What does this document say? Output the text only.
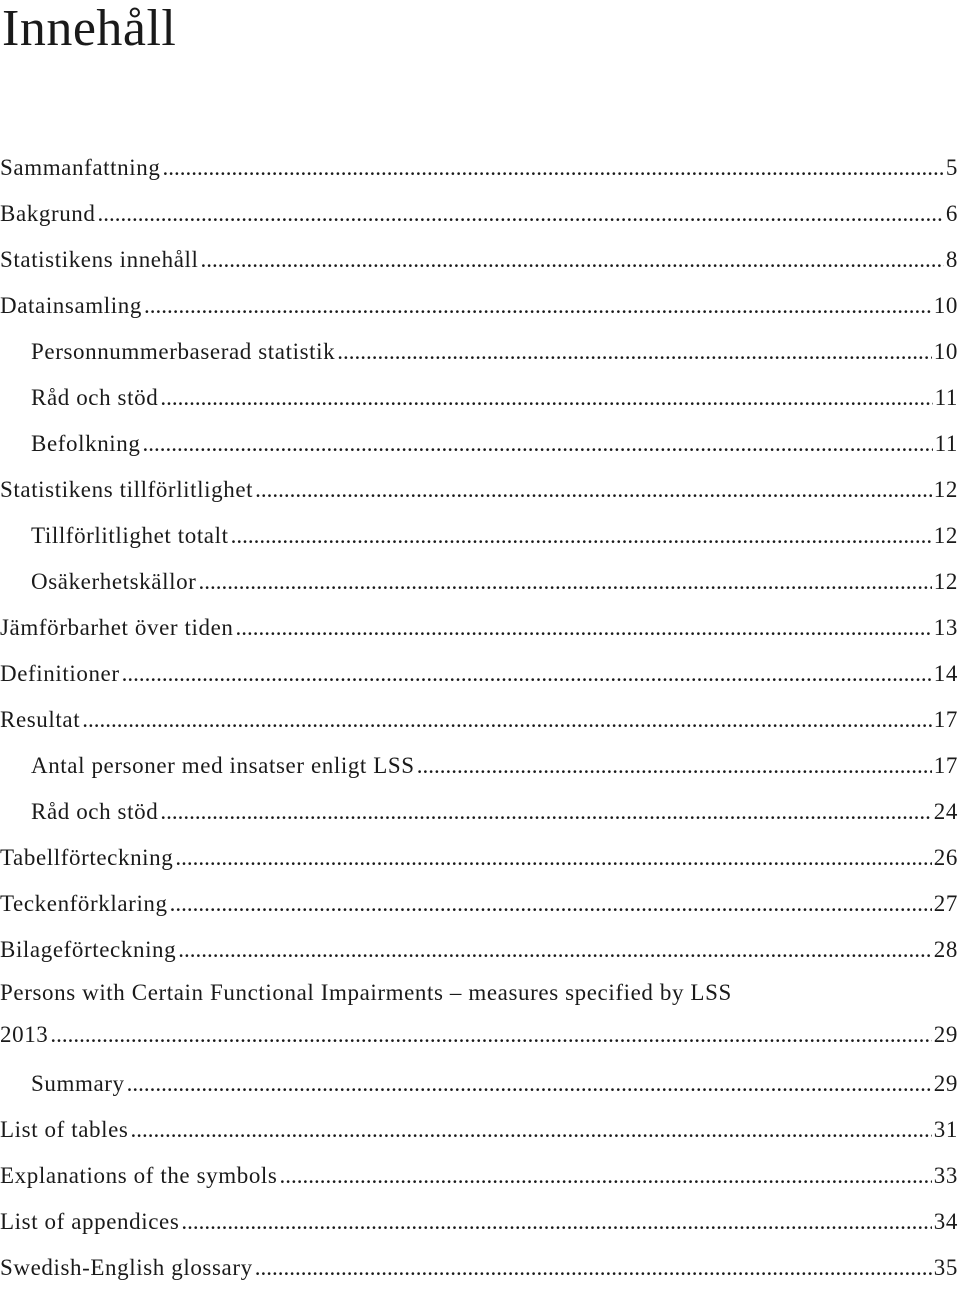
Innehåll
Sammanfattning .....	5
Bakgrund .....	6
Statistikens innehåll .....	8
Datainsamling .....	10
Personnummerbaserad statistik .....	10
Råd och stöd .....	11
Befolkning .....	11
Statistikens tillförlitlighet .....	12
Tillförlitlighet totalt .....	12
Osäkerhetskällor .....	12
Jämförbarhet över tiden .....	13
Definitioner .....	14
Resultat .....	17
Antal personer med insatser enligt LSS .....	17
Råd och stöd .....	24
Tabellförteckning .....	26
Teckenförklaring .....	27
Bilageförteckning .....	28
Persons with Certain Functional Impairments – measures specified by LSS
2013 .....	29
Summary .....	29
List of tables .....	31
Explanations of the symbols .....	33
List of appendices .....	34
Swedish-English glossary .....	35
